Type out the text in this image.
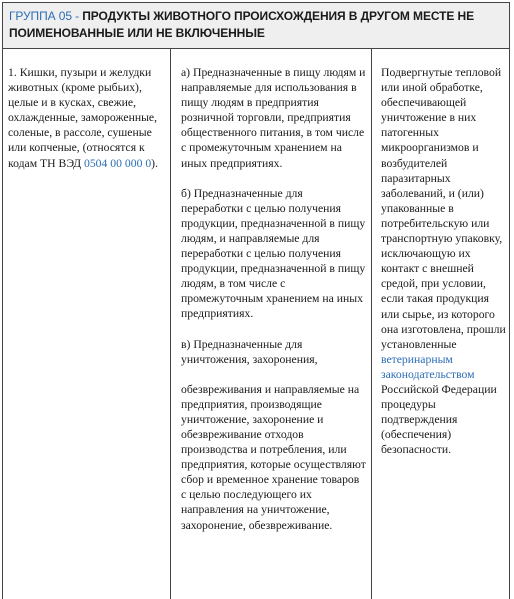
ГРУППА 05 - ПРОДУКТЫ ЖИВОТНОГО ПРОИСХОЖДЕНИЯ В ДРУГОМ МЕСТЕ НЕ ПОИМЕНОВАННЫЕ ИЛИ НЕ ВКЛЮЧЕННЫЕ

1. Кишки, пузыри и желудки животных (кроме рыбьих), целые и в кусках, свежие, охлажденные, замороженные, соленые, в рассоле, сушеные или копченые, (относятся к кодам ТН ВЭД 0504 00 000 0).

а) Предназначенные в пищу людям и направляемые для использования в пищу людям в предприятия розничной торговли, предприятия общественного питания, в том числе с промежуточным хранением на иных предприятиях.

б) Предназначенные для переработки с целью получения продукции, предназначенной в пищу людям, и направляемые для переработки с целью получения продукции, предназначенной в пищу людям, в том числе с промежуточным хранением на иных предприятиях.

в) Предназначенные для уничтожения, захоронения,

обезвреживания и направляемые на предприятия, производящие уничтожение, захоронение и обезвреживание отходов производства и потребления, или предприятия, которые осуществляют сбор и временное хранение товаров с целью последующего их направления на уничтожение, захоронение, обезвреживание.

Подвергнутые тепловой или иной обработке, обеспечивающей уничтожение в них патогенных микроорганизмов и возбудителей паразитарных заболеваний, и (или) упакованные в потребительскую или транспортную упаковку, исключающую их контакт с внешней средой, при условии, если такая продукция или сырье, из которого она изготовлена, прошли установленные ветеринарным законодательством Российской Федерации процедуры подтверждения (обеспечения) безопасности.
